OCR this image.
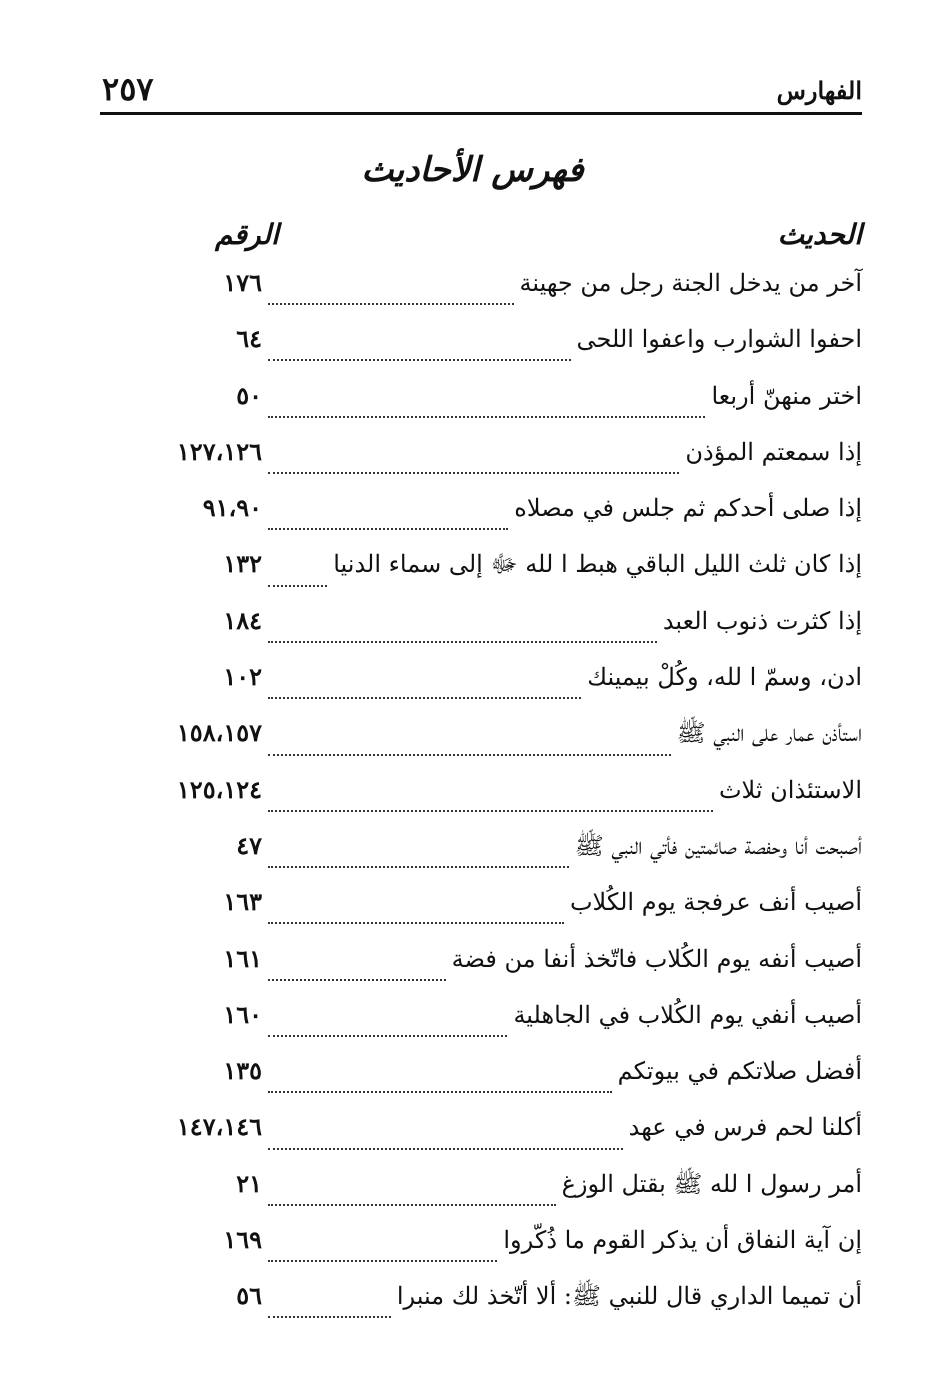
الفهارس
٢٥٧
فهرس الأحاديث
الحديث
الرقم
آخر من يدخل الجنة رجل من جهينة
١٧٦
احفوا الشوارب واعفوا اللحى
٦٤
اختر منهنّ أربعا
٥٠
إذا سمعتم المؤذن
١٢٧،١٢٦
إذا صلى أحدكم ثم جلس في مصلاه
٩١،٩٠
إذا كان ثلث الليل الباقي هبط ا لله ﷻ إلى سماء الدنيا
١٣٢
إذا كثرت ذنوب العبد
١٨٤
ادن، وسمّ ا لله، وكُلْ بيمينك
١٠٢
استأذن عمار على النبي ﷺ
١٥٨،١٥٧
الاستئذان ثلاث
١٢٥،١٢٤
أصبحت أنا وحفصة صائمتين فأتي النبي ﷺ
٤٧
أصيب أنف عرفجة يوم الكُلاب
١٦٣
أصيب أنفه يوم الكُلاب فاتّخذ أنفا من فضة
١٦١
أصيب أنفي يوم الكُلاب في الجاهلية
١٦٠
أفضل صلاتكم في بيوتكم
١٣٥
أكلنا لحم فرس في عهد
١٤٧،١٤٦
أمر رسول ا لله ﷺ بقتل الوزغ
٢١
إن آية النفاق أن يذكر القوم ما ذُكّروا
١٦٩
أن تميما الداري قال للنبي ﷺ: ألا أتّخذ لك منبرا
٥٦
